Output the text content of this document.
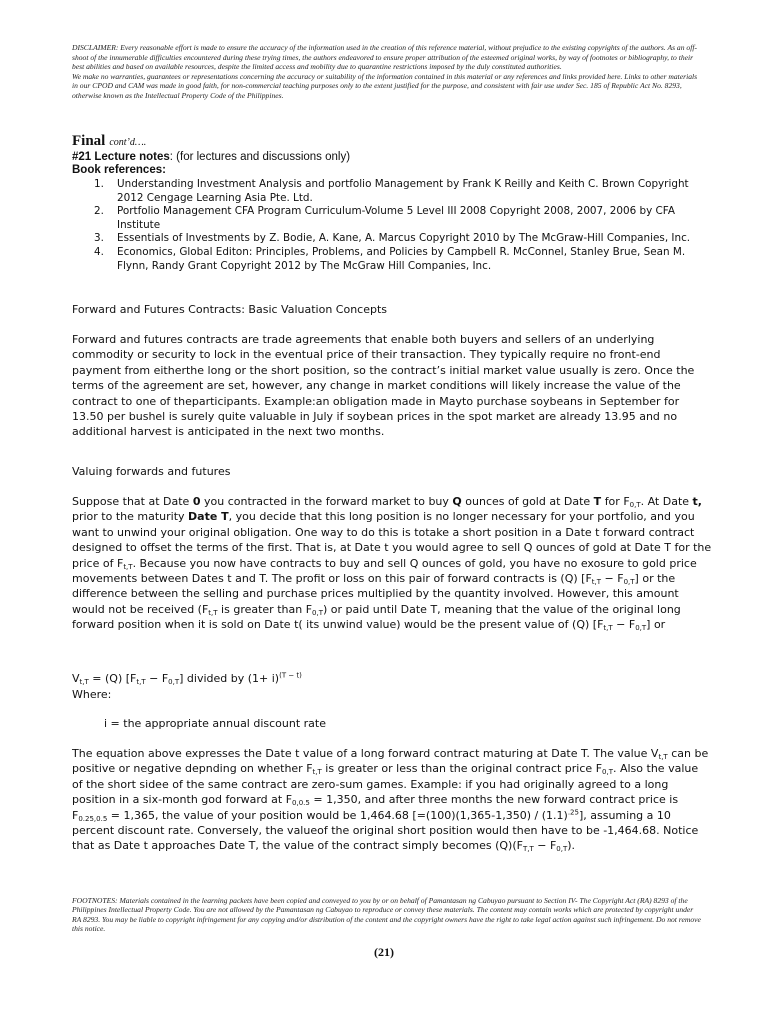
DISCLAIMER: Every reasonable effort is made to ensure the accuracy of the information used in the creation of this reference material, without prejudice to the existing copyrights of the authors. As an off-shoot of the innumerable difficulties encountered during these trying times, the authors endeavored to ensure proper attribution of the esteemed original works, by way of footnotes or bibliography, to their best abilities and based on available resources, despite the limited access and mobility due to quarantine restrictions imposed by the duly constituted authorities.
We make no warranties, guarantees or representations concerning the accuracy or suitability of the information contained in this material or any references and links provided here. Links to other materials in our CPOD and CAM was made in good faith, for non-commercial teaching purposes only to the extent justified for the purpose, and consistent with fair use under Sec. 185 of Republic Act No. 8293, otherwise known as the Intellectual Property Code of the Philippines.
Final cont’d….
#21 Lecture notes: (for lectures and discussions only)
Book references:
1. Understanding Investment Analysis and portfolio Management by Frank K Reilly and Keith C. Brown Copyright 2012 Cengage Learning Asia Pte. Ltd.
2. Portfolio Management CFA Program Curriculum-Volume 5 Level III 2008 Copyright 2008, 2007, 2006 by CFA Institute
3. Essentials of Investments by Z. Bodie, A. Kane, A. Marcus Copyright 2010 by The McGraw-Hill Companies, Inc.
4. Economics, Global Editon: Principles, Problems, and Policies by Campbell R. McConnel, Stanley Brue, Sean M. Flynn, Randy Grant Copyright 2012 by The McGraw Hill Companies, Inc.
Forward and Futures Contracts: Basic Valuation Concepts

Forward and futures contracts are trade agreements that enable both buyers and sellers of an underlying commodity or security to lock in the eventual price of their transaction. They typically require no front-end payment from eitherthe long or the short position, so the contract’s initial market value usually is zero. Once the terms of the agreement are set, however, any change in market conditions will likely increase the value of the contract to one of theparticipants. Example:an obligation made in Mayto purchase soybeans in September for 13.50 per bushel is surely quite valuable in July if soybean prices in the spot market are already 13.95 and no additional harvest is anticipated in the next two months.

Valuing forwards and futures

Suppose that at Date 0 you contracted in the forward market to buy Q ounces of gold at Date T for $F_{0,T}$. At Date t, prior to the maturity Date T, you decide that this long position is no longer necessary for your portfolio, and you want to unwind your original obligation. One way to do this is totake a short position in a Date t forward contract designed to offset the terms of the first. That is, at Date t you would agree to sell Q ounces of gold at Date T for the price of $F_{t,T}$. Because you now have contracts to buy and sell Q ounces of gold, you have no exosure to gold price movements between Dates t and T. The profit or loss on this pair of forward contracts is (Q) $[F_{t,T} - F_{0,T}]$ or the difference between the selling and purchase prices multiplied by the quantity involved. However, this amount would not be received ($F_{t,T}$ is greater than $F_{0,T}$) or paid until Date T, meaning that the value of the original long forward position when it is sold on Date t( its unwind value) would be the present value of (Q) $[F_{t,T} - F_{0,T}]$ or

$V_{t,T} = (Q) [F_{t,T} - F_{0,T}]$ divided by $(1+ i)^{(T - t)}$
Where:
i = the appropriate annual discount rate

The equation above expresses the Date t value of a long forward contract maturing at Date T. The value $V_{t,T}$ can be positive or negative depnding on whether $F_{t,T}$ is greater or less than the original contract price $F_{0,T}$. Also the value of the short sidee of the same contract are zero-sum games. Example: if you had originally agreed to a long position in a six-month god forward at $F_{0,0.5} = 1,350$, and after three months the new forward contract price is $F_{0.25,0.5} = 1,365$, the value of your position would be 1,464.68 $[=(100)(1,365-1,350) / (1.1)^{.25}]$, assuming a 10 percent discount rate. Conversely, the valueof the original short position would then have to be -1,464.68. Notice that as Date t approaches Date T, the value of the contract simply becomes $(Q)(F_{T,T} - F_{0,T})$.

FOOTNOTES: Materials contained in the learning packets have been copied and conveyed to you by or on behalf of Pamantasan ng Cabuyao pursuant to Section IV- The Copyright Act (RA) 8293 of the Philippines Intellectual Property Code. You are not allowed by the Pamantasan ng Cabuyao to reproduce or convey these materials. The content may contain works which are protected by copyright under RA 8293. You may be liable to copyright infringement for any copying and/or distribution of the content and the copyright owners have the right to take legal action against such infringement. Do not remove this notice.
(21)
